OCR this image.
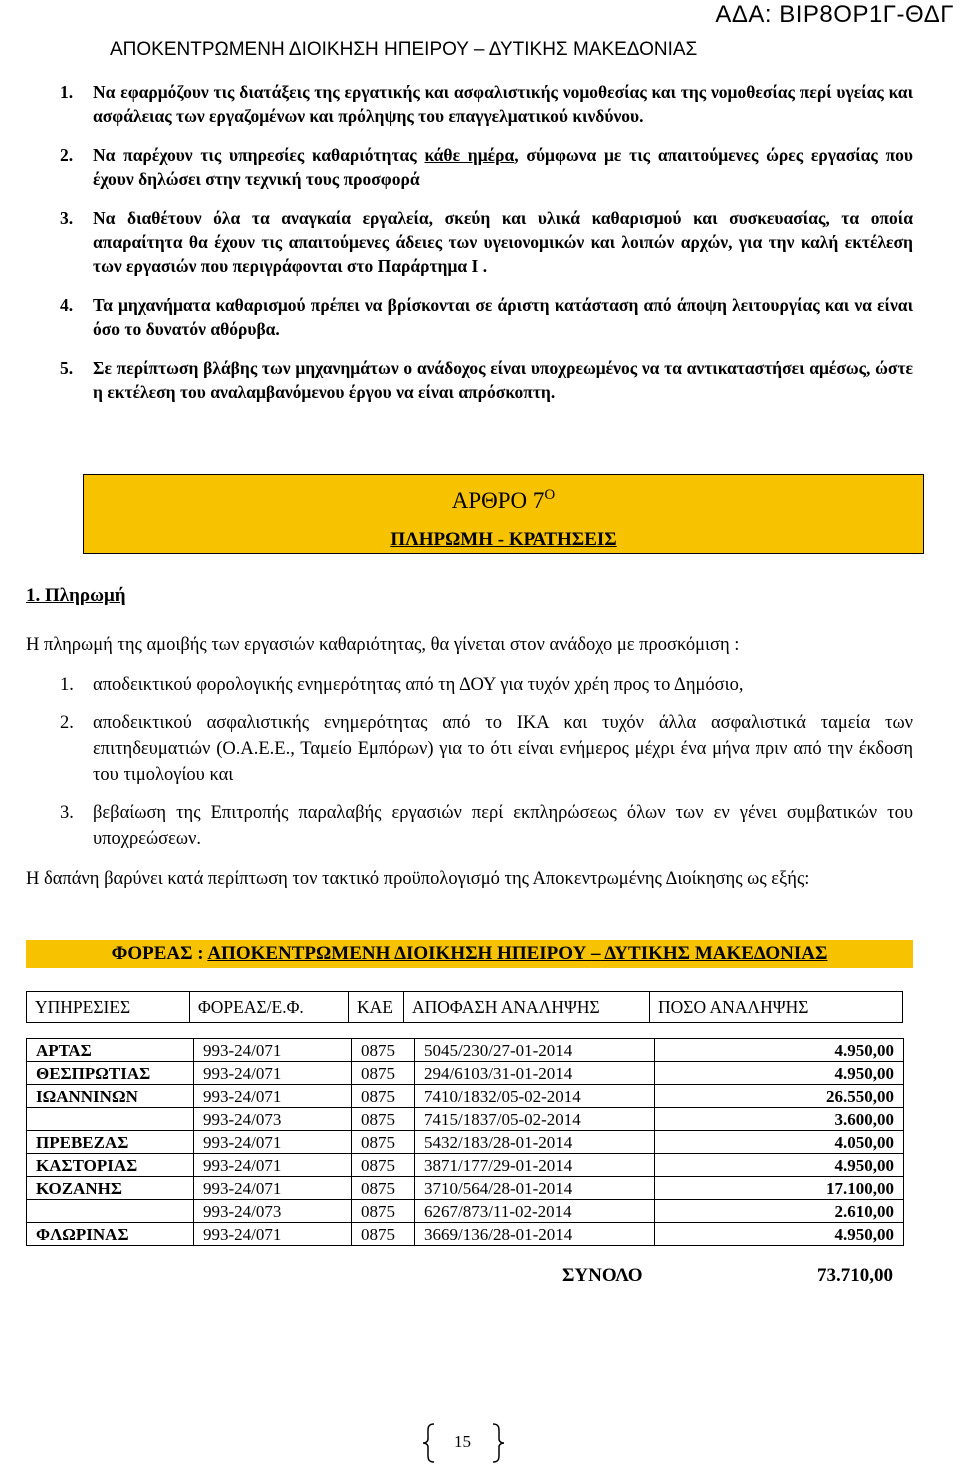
ΑΔΑ: ΒΙΡ8ΟΡ1Γ-ΘΔΓ
ΑΠΟΚΕΝΤΡΩΜΕΝΗ ΔΙΟΙΚΗΣΗ ΗΠΕΙΡΟΥ – ΔΥΤΙΚΗΣ ΜΑΚΕΔΟΝΙΑΣ
1.	Να εφαρμόζουν τις διατάξεις της εργατικής και ασφαλιστικής νομοθεσίας και της νομοθεσίας περί υγείας και ασφάλειας των εργαζομένων και πρόληψης του επαγγελματικού κινδύνου.
2.	Να παρέχουν τις υπηρεσίες καθαριότητας κάθε ημέρα, σύμφωνα με τις απαιτούμενες ώρες εργασίας που έχουν δηλώσει στην τεχνική τους προσφορά
3.	Να διαθέτουν όλα τα αναγκαία εργαλεία, σκεύη και υλικά καθαρισμού και συσκευασίας, τα οποία απαραίτητα θα έχουν τις απαιτούμενες άδειες των υγειονομικών και λοιπών αρχών, για την καλή εκτέλεση των εργασιών που περιγράφονται στο Παράρτημα Ι .
4.	Τα μηχανήματα καθαρισμού πρέπει να βρίσκονται σε άριστη κατάσταση από άποψη λειτουργίας και να είναι όσο το δυνατόν αθόρυβα.
5.	Σε περίπτωση βλάβης των μηχανημάτων ο ανάδοχος είναι υποχρεωμένος να τα αντικαταστήσει αμέσως, ώστε η εκτέλεση του αναλαμβανόμενου έργου να είναι απρόσκοπτη.
ΑΡΘΡΟ $7^O$
ΠΛΗΡΩΜΗ - ΚΡΑΤΗΣΕΙΣ
1. Πληρωμή
Η πληρωμή της αμοιβής των εργασιών καθαριότητας, θα γίνεται στον ανάδοχο με προσκόμιση :
1.	αποδεικτικού φορολογικής ενημερότητας από τη ΔΟΥ για τυχόν χρέη προς το Δημόσιο,
2.	αποδεικτικού ασφαλιστικής ενημερότητας από το ΙΚΑ και τυχόν άλλα ασφαλιστικά ταμεία των επιτηδευματιών (Ο.Α.Ε.Ε., Ταμείο Εμπόρων) για το ότι είναι ενήμερος μέχρι ένα μήνα πριν από την έκδοση του τιμολογίου και
3.	βεβαίωση της Επιτροπής παραλαβής εργασιών περί εκπληρώσεως όλων των εν γένει συμβατικών του υποχρεώσεων.
Η δαπάνη βαρύνει κατά περίπτωση τον τακτικό προϋπολογισμό της Αποκεντρωμένης Διοίκησης ως εξής:
ΦΟΡΕΑΣ : ΑΠΟΚΕΝΤΡΩΜΕΝΗ ΔΙΟΙΚΗΣΗ ΗΠΕΙΡΟΥ – ΔΥΤΙΚΗΣ ΜΑΚΕΔΟΝΙΑΣ
ΥΠΗΡΕΣΙΕΣ	ΦΟΡΕΑΣ/Ε.Φ.	ΚΑΕ	ΑΠΟΦΑΣΗ ΑΝΑΛΗΨΗΣ	ΠΟΣΟ ΑΝΑΛΗΨΗΣ
ΑΡΤΑΣ	993-24/071	0875	5045/230/27-01-2014	4.950,00
ΘΕΣΠΡΩΤΙΑΣ	993-24/071	0875	294/6103/31-01-2014	4.950,00
ΙΩΑΝΝΙΝΩΝ	993-24/071	0875	7410/1832/05-02-2014	26.550,00
	993-24/073	0875	7415/1837/05-02-2014	3.600,00
ΠΡΕΒΕΖΑΣ	993-24/071	0875	5432/183/28-01-2014	4.050,00
ΚΑΣΤΟΡΙΑΣ	993-24/071	0875	3871/177/29-01-2014	4.950,00
ΚΟΖΑΝΗΣ	993-24/071	0875	3710/564/28-01-2014	17.100,00
	993-24/073	0875	6267/873/11-02-2014	2.610,00
ΦΛΩΡΙΝΑΣ	993-24/071	0875	3669/136/28-01-2014	4.950,00
ΣΥΝΟΛΟ	73.710,00
15
